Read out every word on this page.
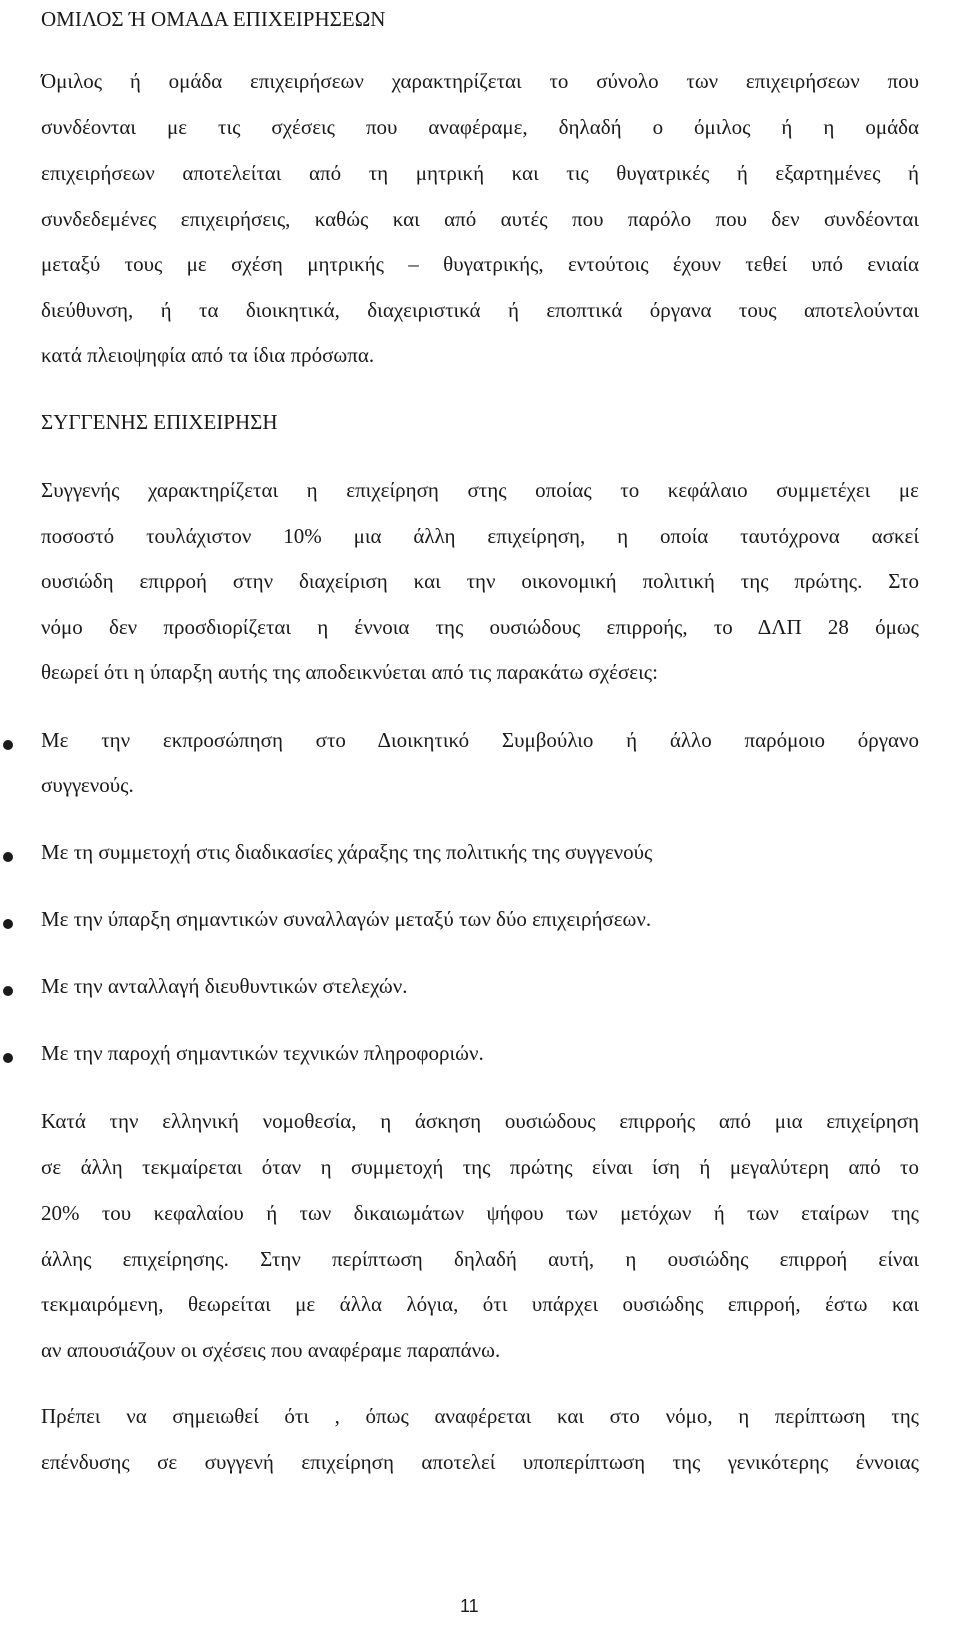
ΟΜΙΛΟΣ Ή ΟΜΑΔΑ ΕΠΙΧΕΙΡΗΣΕΩΝ
Όμιλος ή ομάδα επιχειρήσεων χαρακτηρίζεται το σύνολο των επιχειρήσεων που
συνδέονται με τις σχέσεις που αναφέραμε, δηλαδή ο όμιλος ή η ομάδα
επιχειρήσεων αποτελείται από τη μητρική και τις θυγατρικές ή εξαρτημένες ή
συνδεδεμένες επιχειρήσεις, καθώς και από αυτές που παρόλο που δεν συνδέονται
μεταξύ τους με σχέση μητρικής – θυγατρικής, εντούτοις έχουν τεθεί υπό ενιαία
διεύθυνση, ή τα διοικητικά, διαχειριστικά ή εποπτικά όργανα τους αποτελούνται
κατά πλειοψηφία από τα ίδια πρόσωπα.
ΣΥΓΓΕΝΗΣ ΕΠΙΧΕΙΡΗΣΗ
Συγγενής χαρακτηρίζεται η επιχείρηση στης οποίας το κεφάλαιο συμμετέχει με
ποσοστό τουλάχιστον 10% μια άλλη επιχείρηση, η οποία ταυτόχρονα ασκεί
ουσιώδη επιρροή στην διαχείριση και την οικονομική πολιτική της πρώτης. Στο
νόμο δεν προσδιορίζεται η έννοια της ουσιώδους επιρροής, το ΔΛΠ 28 όμως
θεωρεί ότι η ύπαρξη αυτής της αποδεικνύεται από τις παρακάτω σχέσεις:
Με την εκπροσώπηση στο Διοικητικό Συμβούλιο ή άλλο παρόμοιο όργανο
συγγενούς.
Με τη συμμετοχή στις διαδικασίες χάραξης της πολιτικής της συγγενούς
Με την ύπαρξη σημαντικών συναλλαγών μεταξύ των δύο επιχειρήσεων.
Με την ανταλλαγή διευθυντικών στελεχών.
Με την παροχή σημαντικών τεχνικών πληροφοριών.
Κατά την ελληνική νομοθεσία, η άσκηση ουσιώδους επιρροής από μια επιχείρηση
σε άλλη τεκμαίρεται όταν η συμμετοχή της πρώτης είναι ίση ή μεγαλύτερη από το
20% του κεφαλαίου ή των δικαιωμάτων ψήφου των μετόχων ή των εταίρων της
άλλης επιχείρησης. Στην περίπτωση δηλαδή αυτή, η ουσιώδης επιρροή είναι
τεκμαιρόμενη, θεωρείται με άλλα λόγια, ότι υπάρχει ουσιώδης επιρροή, έστω και
αν απουσιάζουν οι σχέσεις που αναφέραμε παραπάνω.
Πρέπει να σημειωθεί ότι , όπως αναφέρεται και στο νόμο, η περίπτωση της
επένδυσης σε συγγενή επιχείρηση αποτελεί υποπερίπτωση της γενικότερης έννοιας
11
